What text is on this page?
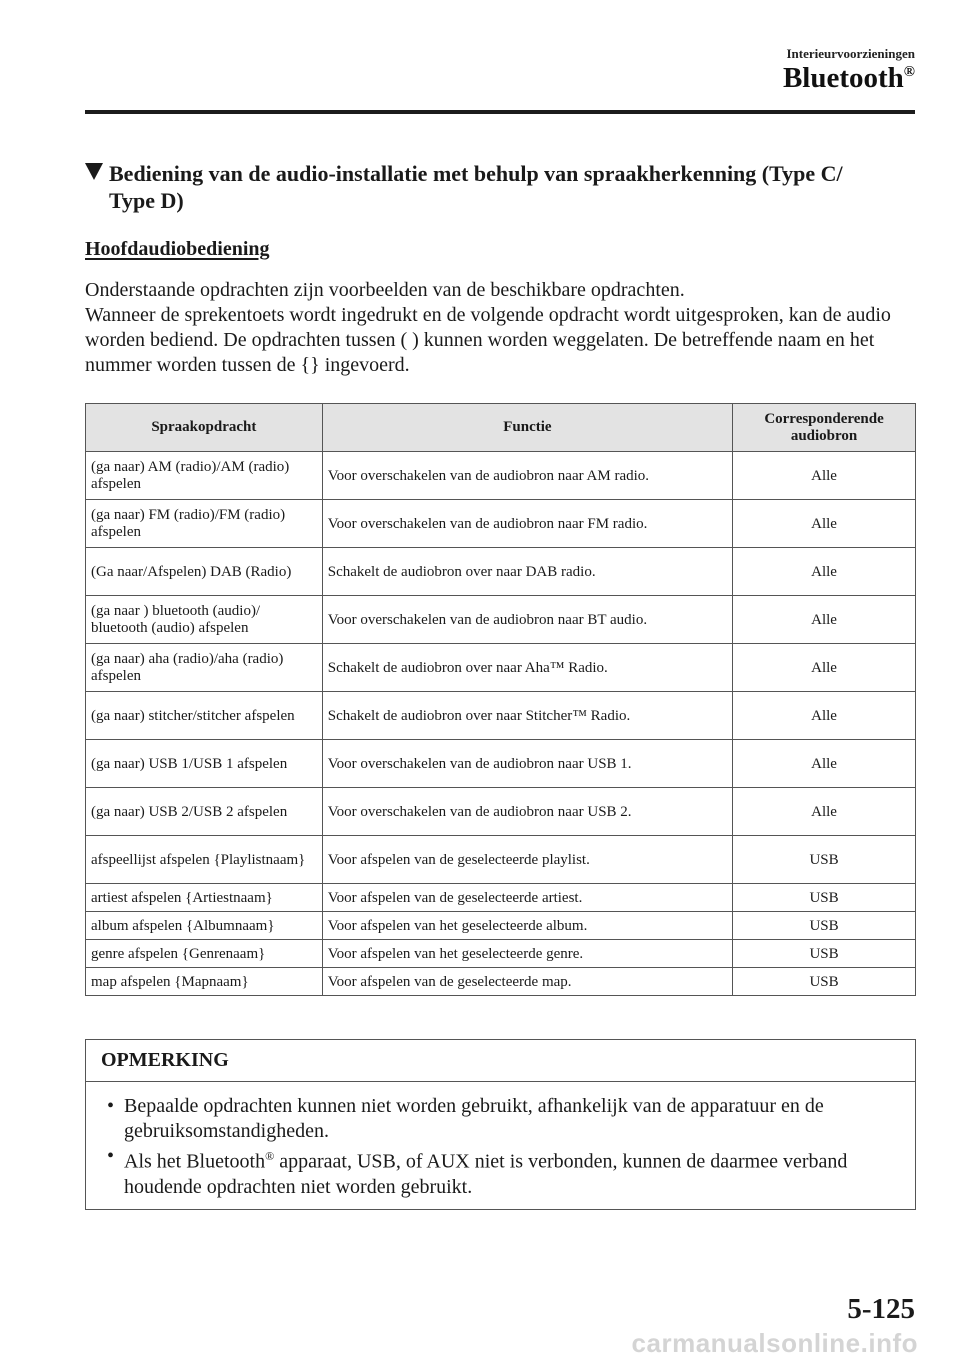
Interieurvoorzieningen
Bluetooth®
Bediening van de audio-installatie met behulp van spraakherkenning (Type C/
Type D)
Hoofdaudiobediening

Onderstaande opdrachten zijn voorbeelden van de beschikbare opdrachten.

Wanneer de sprekentoets wordt ingedrukt en de volgende opdracht wordt uitgesproken, kan de audio worden bediend. De opdrachten tussen ( ) kunnen worden weggelaten. De betreffende naam en het nummer worden tussen de {} ingevoerd.

Spraakopdracht	Functie	Corresponderende audiobron
(ga naar) AM (radio)/AM (radio) afspelen	Voor overschakelen van de audiobron naar AM radio.	Alle
(ga naar) FM (radio)/FM (radio) afspelen	Voor overschakelen van de audiobron naar FM radio.	Alle
(Ga naar/Afspelen) DAB (Radio)	Schakelt de audiobron over naar DAB radio.	Alle
(ga naar ) bluetooth (audio)/ bluetooth (audio) afspelen	Voor overschakelen van de audiobron naar BT audio.	Alle
(ga naar) aha (radio)/aha (radio) afspelen	Schakelt de audiobron over naar Aha™ Radio.	Alle
(ga naar) stitcher/stitcher afspelen	Schakelt de audiobron over naar Stitcher™ Radio.	Alle
(ga naar) USB 1/USB 1 afspelen	Voor overschakelen van de audiobron naar USB 1.	Alle
(ga naar) USB 2/USB 2 afspelen	Voor overschakelen van de audiobron naar USB 2.	Alle
afspeellijst afspelen {Playlistnaam}	Voor afspelen van de geselecteerde playlist.	USB
artiest afspelen {Artiestnaam}	Voor afspelen van de geselecteerde artiest.	USB
album afspelen {Albumnaam}	Voor afspelen van het geselecteerde album.	USB
genre afspelen {Genrenaam}	Voor afspelen van het geselecteerde genre.	USB
map afspelen {Mapnaam}	Voor afspelen van de geselecteerde map.	USB
OPMERKING
• Bepaalde opdrachten kunnen niet worden gebruikt, afhankelijk van de apparatuur en de gebruiksomstandigheden.
• Als het Bluetooth® apparaat, USB, of AUX niet is verbonden, kunnen de daarmee verband houdende opdrachten niet worden gebruikt.
5-125
carmanualsonline.info
